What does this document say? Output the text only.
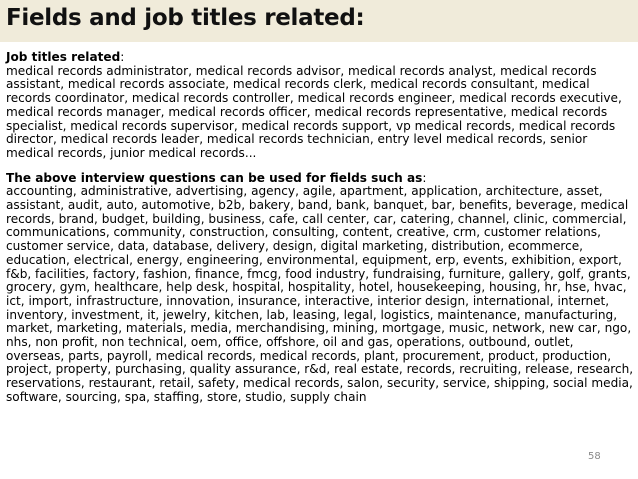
Fields and job titles related:

Job titles related:

medical records administrator, medical records advisor, medical records analyst, medical records assistant, medical records associate, medical records clerk, medical records consultant, medical records coordinator, medical records controller, medical records engineer, medical records executive, medical records manager, medical records officer, medical records representative, medical records specialist, medical records supervisor, medical records support, vp medical records, medical records director, medical records leader, medical records technician, entry level medical records, senior medical records, junior medical records...

The above interview questions can be used for fields such as:

accounting, administrative, advertising, agency, agile, apartment, application, architecture, asset, assistant, audit, auto, automotive, b2b, bakery, band, bank, banquet, bar, benefits, beverage, medical records, brand, budget, building, business, cafe, call center, car, catering, channel, clinic, commercial, communications, community, construction, consulting, content, creative, crm, customer relations, customer service, data, database, delivery, design, digital marketing, distribution, ecommerce, education, electrical, energy, engineering, environmental, equipment, erp, events, exhibition, export, f&b, facilities, factory, fashion, finance, fmcg, food industry, fundraising, furniture, gallery, golf, grants, grocery, gym, healthcare, help desk, hospital, hospitality, hotel, housekeeping, housing, hr, hse, hvac, ict, import, infrastructure, innovation, insurance, interactive, interior design, international, internet, inventory, investment, it, jewelry, kitchen, lab, leasing, legal, logistics, maintenance, manufacturing, market, marketing, materials, media, merchandising, mining, mortgage, music, network, new car, ngo, nhs, non profit, non technical, oem, office, offshore, oil and gas, operations, outbound, outlet, overseas, parts, payroll, medical records, medical records, plant, procurement, product, production, project, property, purchasing, quality assurance, r&d, real estate, records, recruiting, release, research, reservations, restaurant, retail, safety, medical records, salon, security, service, shipping, social media, software, sourcing, spa, staffing, store, studio, supply chain

58
